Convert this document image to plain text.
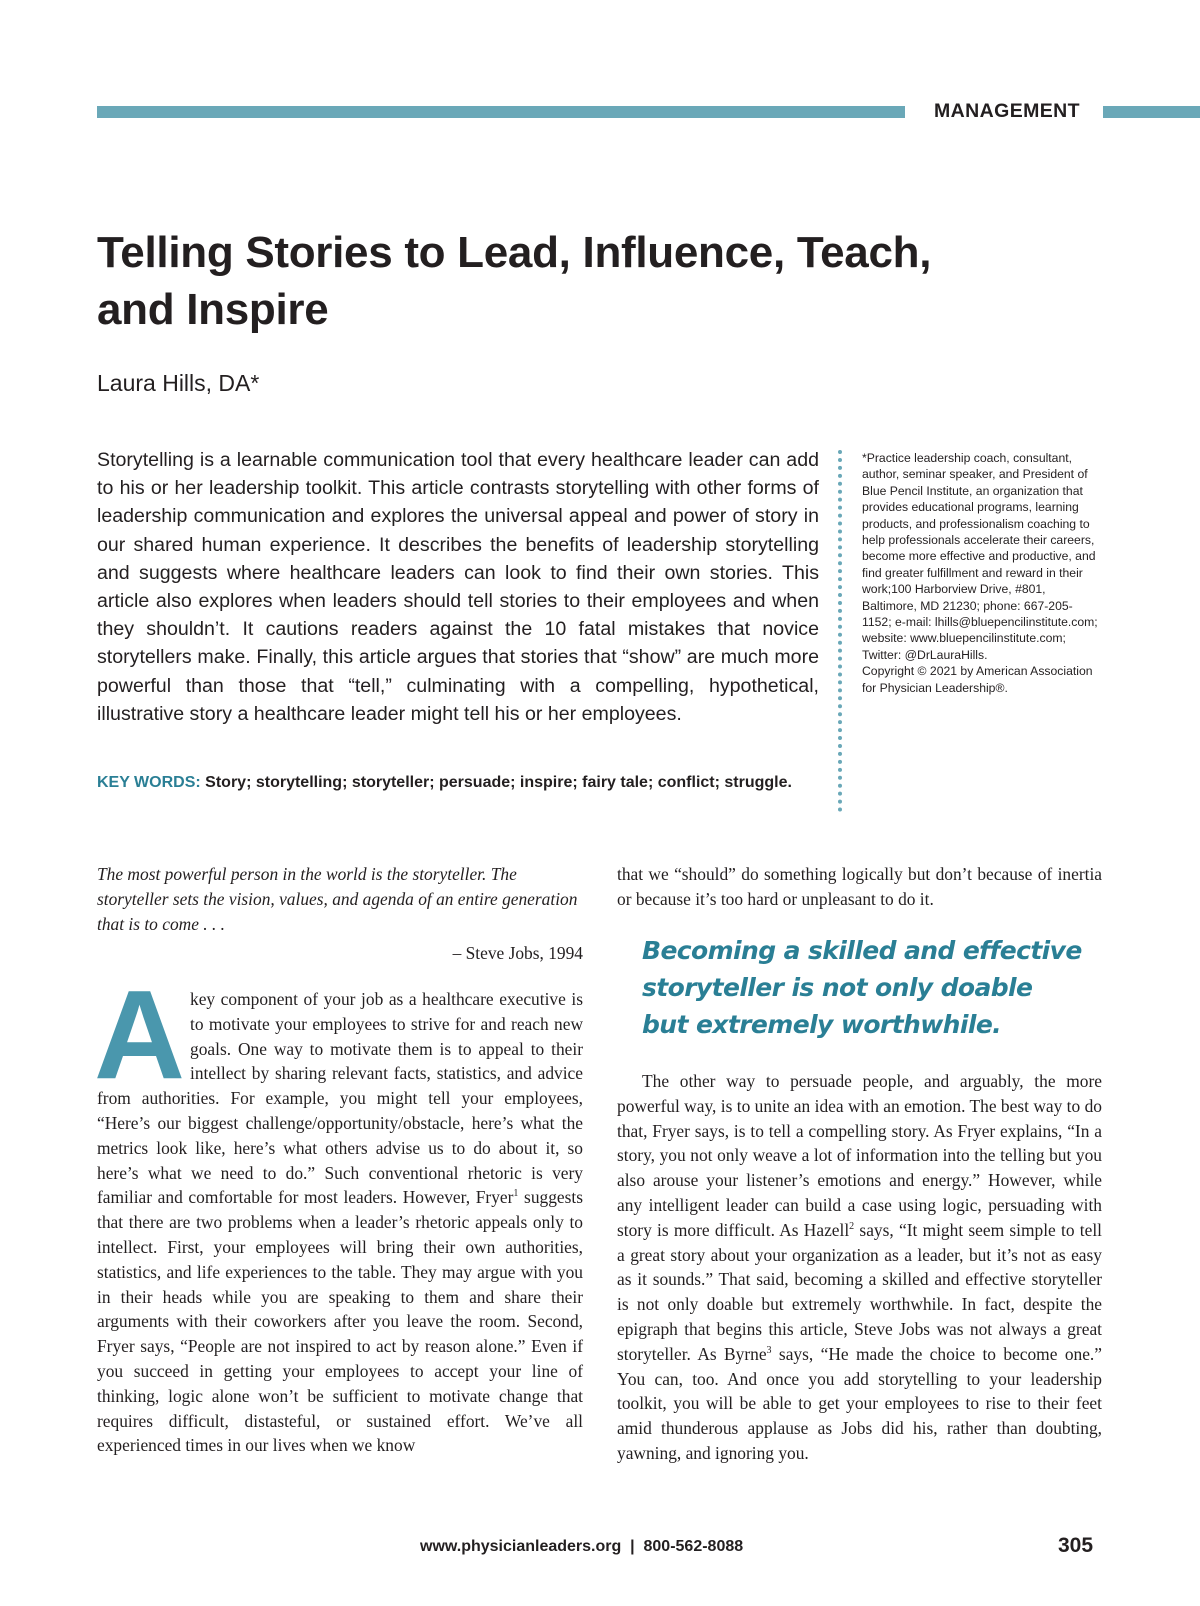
MANAGEMENT
Telling Stories to Lead, Influence, Teach, and Inspire
Laura Hills, DA*

Storytelling is a learnable communication tool that every healthcare leader can add to his or her leadership toolkit. This article contrasts storytelling with other forms of leadership communication and explores the universal appeal and power of story in our shared human experience. It describes the benefits of leadership storytelling and suggests where healthcare leaders can look to find their own stories. This article also explores when leaders should tell stories to their employees and when they shouldn’t. It cautions readers against the 10 fatal mistakes that novice storytellers make. Finally, this article argues that stories that “show” are much more powerful than those that “tell,” culminating with a compelling, hypothetical, illustrative story a healthcare leader might tell his or her employees.

KEY WORDS: Story; storytelling; storyteller; persuade; inspire; fairy tale; conflict; struggle.

*Practice leadership coach, consultant, author, seminar speaker, and President of Blue Pencil Institute, an organization that provides educational programs, learning products, and professionalism coaching to help professionals accelerate their careers, become more effective and productive, and find greater fulfillment and reward in their work;100 Harborview Drive, #801, Baltimore, MD 21230; phone: 667-205-1152; e-mail: lhills@bluepencilinstitute.com; website: www.bluepencilinstitute.com; Twitter: @DrLauraHills.

Copyright © 2021 by American Association for Physician Leadership®.

The most powerful person in the world is the storyteller. The storyteller sets the vision, values, and agenda of an entire generation that is to come . . .

– Steve Jobs, 1994
A key component of your job as a healthcare executive is to motivate your employees to strive for and reach new goals. One way to motivate them is to appeal to their intellect by sharing relevant facts, statistics, and advice from authorities. For example, you might tell your employees, “Here’s our biggest challenge/opportunity/obstacle, here’s what the metrics look like, here’s what others advise us to do about it, so here’s what we need to do.” Such conventional rhetoric is very familiar and comfortable for most leaders. However, Fryer$^1$ suggests that there are two problems when a leader’s rhetoric appeals only to intellect. First, your employees will bring their own authorities, statistics, and life experiences to the table. They may argue with you in their heads while you are speaking to them and share their arguments with their coworkers after you leave the room. Second, Fryer says, “People are not inspired to act by reason alone.” Even if you succeed in getting your employees to accept your line of thinking, logic alone won’t be sufficient to motivate change that requires difficult, distasteful, or sustained effort. We’ve all experienced times in our lives when we know

that we “should” do something logically but don’t because of inertia or because it’s too hard or unpleasant to do it.

Becoming a skilled and effective storyteller is not only doable but extremely worthwhile.

The other way to persuade people, and arguably, the more powerful way, is to unite an idea with an emotion. The best way to do that, Fryer says, is to tell a compelling story. As Fryer explains, “In a story, you not only weave a lot of information into the telling but you also arouse your listener’s emotions and energy.” However, while any intelligent leader can build a case using logic, persuading with story is more difficult. As Hazell$^2$ says, “It might seem simple to tell a great story about your organization as a leader, but it’s not as easy as it sounds.” That said, becoming a skilled and effective storyteller is not only doable but extremely worthwhile. In fact, despite the epigraph that begins this article, Steve Jobs was not always a great storyteller. As Byrne$^3$ says, “He made the choice to become one.” You can, too. And once you add storytelling to your leadership toolkit, you will be able to get your employees to rise to their feet amid thunderous applause as Jobs did his, rather than doubting, yawning, and ignoring you.

www.physicianleaders.org  |  800-562-8088	305
